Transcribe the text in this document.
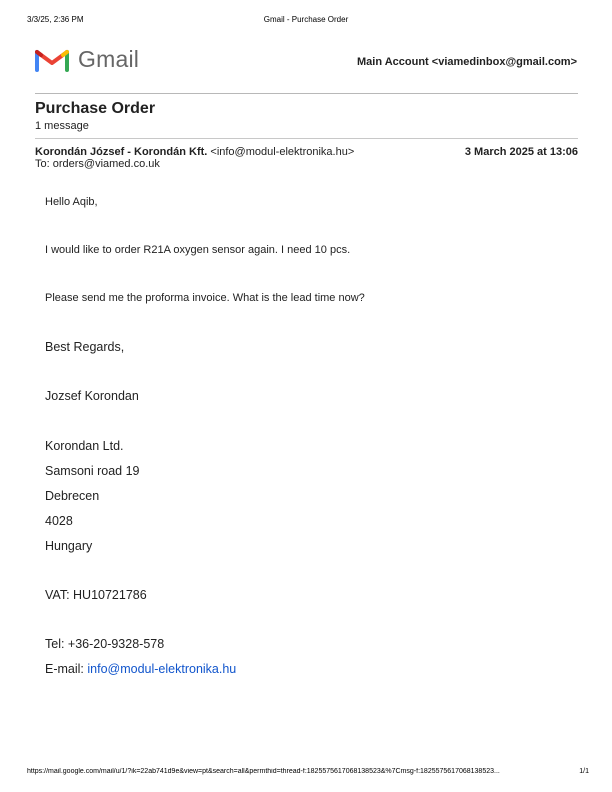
3/3/25, 2:36 PM	Gmail - Purchase Order
Gmail	Main Account <viamedinbox@gmail.com>
Purchase Order
1 message
Korondán József - Korondán Kft. <info@modul-elektronika.hu>	3 March 2025 at 13:06
To: orders@viamed.co.uk
Hello Aqib,
I would like to order R21A oxygen sensor again. I need 10 pcs.
Please send me the proforma invoice. What is the lead time now?
Best Regards,
Jozsef Korondan
Korondan Ltd.
Samsoni road 19
Debrecen
4028
Hungary
VAT: HU10721786
Tel: +36-20-9328-578
E-mail: info@modul-elektronika.hu
https://mail.google.com/mail/u/1/?ik=22ab741d9e&view=pt&search=all&permthid=thread-f:1825575617068138523&%7Cmsg-f:1825575617068138523...	1/1
